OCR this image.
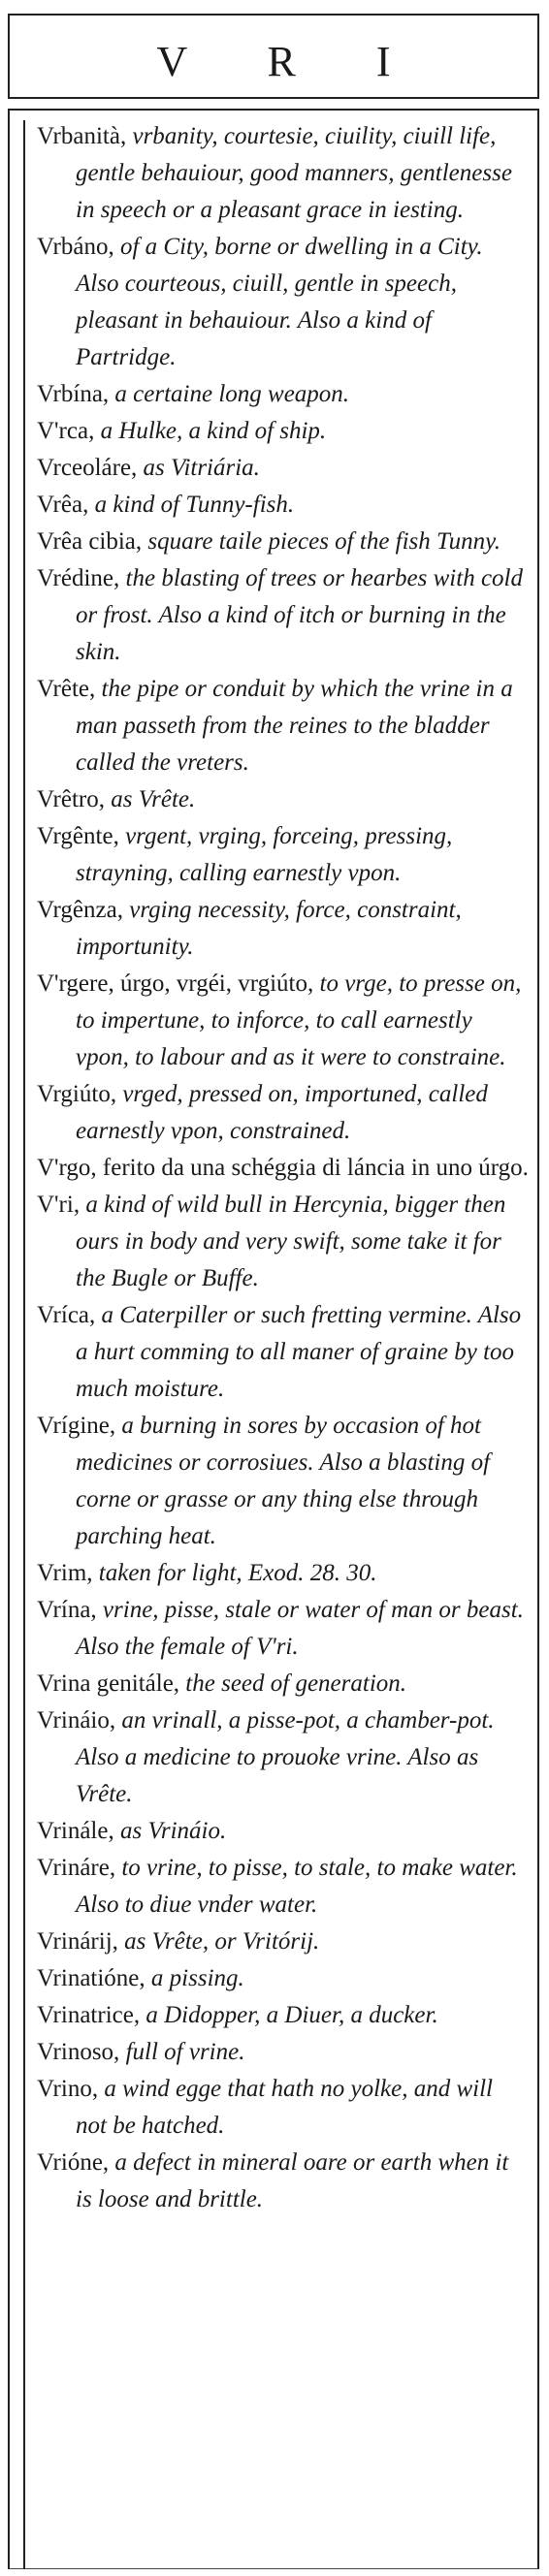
V R I

Vrbanità, vrbanity, courtesie, ciuility, ciuill life, gentle behauiour, good manners, gentlenesse in speech or a pleasant grace in iesting.

Vrbáno, of a City, borne or dwelling in a City. Also courteous, ciuill, gentle in speech, pleasant in behauiour. Also a kind of Partridge.

Vrbína, a certaine long weapon.

V'rca, a Hulke, a kind of ship.

Vrceoláre, as Vitriária.

Vrêa, a kind of Tunny-fish.

Vrêa cibia, square taile pieces of the fish Tunny.

Vrédine, the blasting of trees or hearbes with cold or frost. Also a kind of itch or burning in the skin.

Vrête, the pipe or conduit by which the vrine in a man passeth from the reines to the bladder called the vreters.

Vrêtro, as Vrête.

Vrgênte, vrgent, vrging, forceing, pressing, strayning, calling earnestly vpon.

Vrgênza, vrging necessity, force, constraint, importunity.

V'rgere, úrgo, vrgéi, vrgiúto, to vrge, to presse on, to impertune, to inforce, to call earnestly vpon, to labour and as it were to constraine.

Vrgiúto, vrged, pressed on, importuned, called earnestly vpon, constrained.

V'rgo, ferito da una schéggia di láncia in uno úrgo.

V'ri, a kind of wild bull in Hercynia, bigger then ours in body and very swift, some take it for the Bugle or Buffe.

Vríca, a Caterpiller or such fretting vermine. Also a hurt comming to all maner of graine by too much moisture.

Vrígine, a burning in sores by occasion of hot medicines or corrosiues. Also a blasting of corne or grasse or any thing else through parching heat.

Vrim, taken for light, Exod. 28. 30.

Vrína, vrine, pisse, stale or water of man or beast. Also the female of V'ri.

Vrina genitále, the seed of generation.

Vrináio, an vrinall, a pisse-pot, a chamber-pot. Also a medicine to prouoke vrine. Also as Vrête.

Vrinále, as Vrináio.

Vrináre, to vrine, to pisse, to stale, to make water. Also to diue vnder water.

Vrinárij, as Vrête, or Vritórij.

Vrinatióne, a pissing.

Vrinatrice, a Didopper, a Diuer, a ducker.

Vrinoso, full of vrine.

Vrino, a wind egge that hath no yolke, and will not be hatched.

Vrióne, a defect in mineral oare or earth when it is loose and brittle.
